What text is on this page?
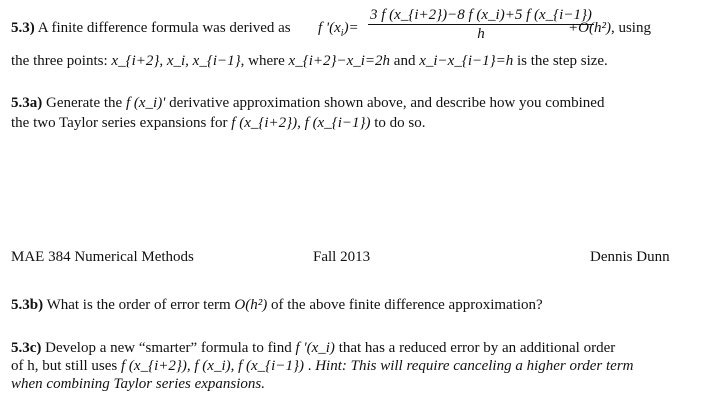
5.3) A finite difference formula was derived as f '$(x_i)= \frac{3 f (x\_\{i+2\})-8 f (x\_i)+5 f (x\_\{i-1\})}{h}$
+O(h²), using
the three points: x_{i+2}, x_i, x_{i−1}, where x_{i+2}−x_i=2h and x_i−x_{i−1}=h is the step size.
5.3a) Generate the f (x_i)' derivative approximation shown above, and describe how you combined
the two Taylor series expansions for f (x_{i+2}), f (x_{i−1}) to do so.
MAE 384 Numerical Methods	Fall 2013	Dennis Dunn
5.3b) What is the order of error term O(h²) of the above finite difference approximation?
5.3c) Develop a new “smarter” formula to find f '(x_i) that has a reduced error by an additional order
of h, but still uses f (x_{i+2}), f (x_i), f (x_{i−1}) . Hint: This will require canceling a higher order term
when combining Taylor series expansions.
